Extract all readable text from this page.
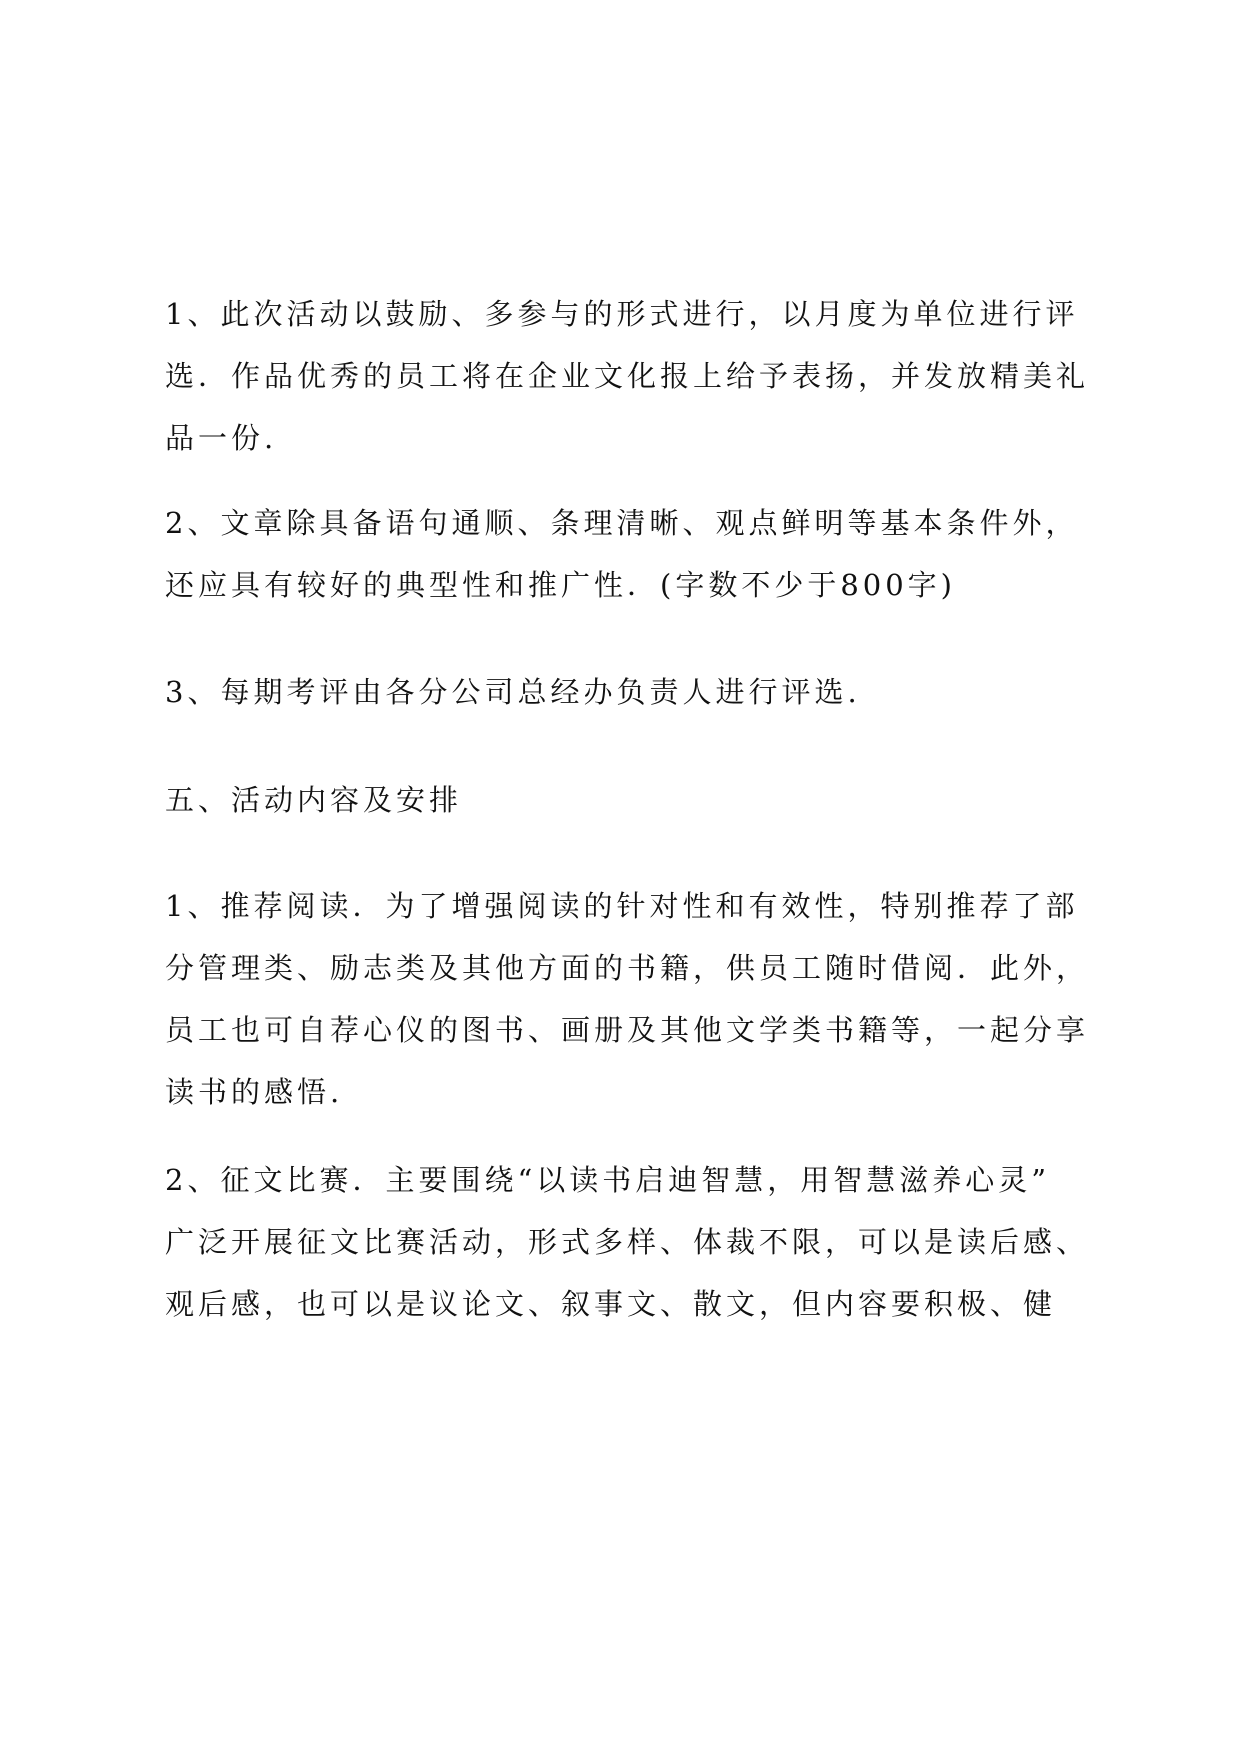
1、此次活动以鼓励、多参与的形式进行，以月度为单位进行评
选．作品优秀的员工将在企业文化报上给予表扬，并发放精美礼
品一份.
2、文章除具备语句通顺、条理清晰、观点鲜明等基本条件外，
还应具有较好的典型性和推广性．(字数不少于800字)
3、每期考评由各分公司总经办负责人进行评选.
五、活动内容及安排
1、推荐阅读．为了增强阅读的针对性和有效性，特别推荐了部
分管理类、励志类及其他方面的书籍，供员工随时借阅．此外，
员工也可自荐心仪的图书、画册及其他文学类书籍等，一起分享
读书的感悟.
2、征文比赛．主要围绕“以读书启迪智慧，用智慧滋养心灵”
广泛开展征文比赛活动，形式多样、体裁不限，可以是读后感、
观后感，也可以是议论文、叙事文、散文，但内容要积极、健
